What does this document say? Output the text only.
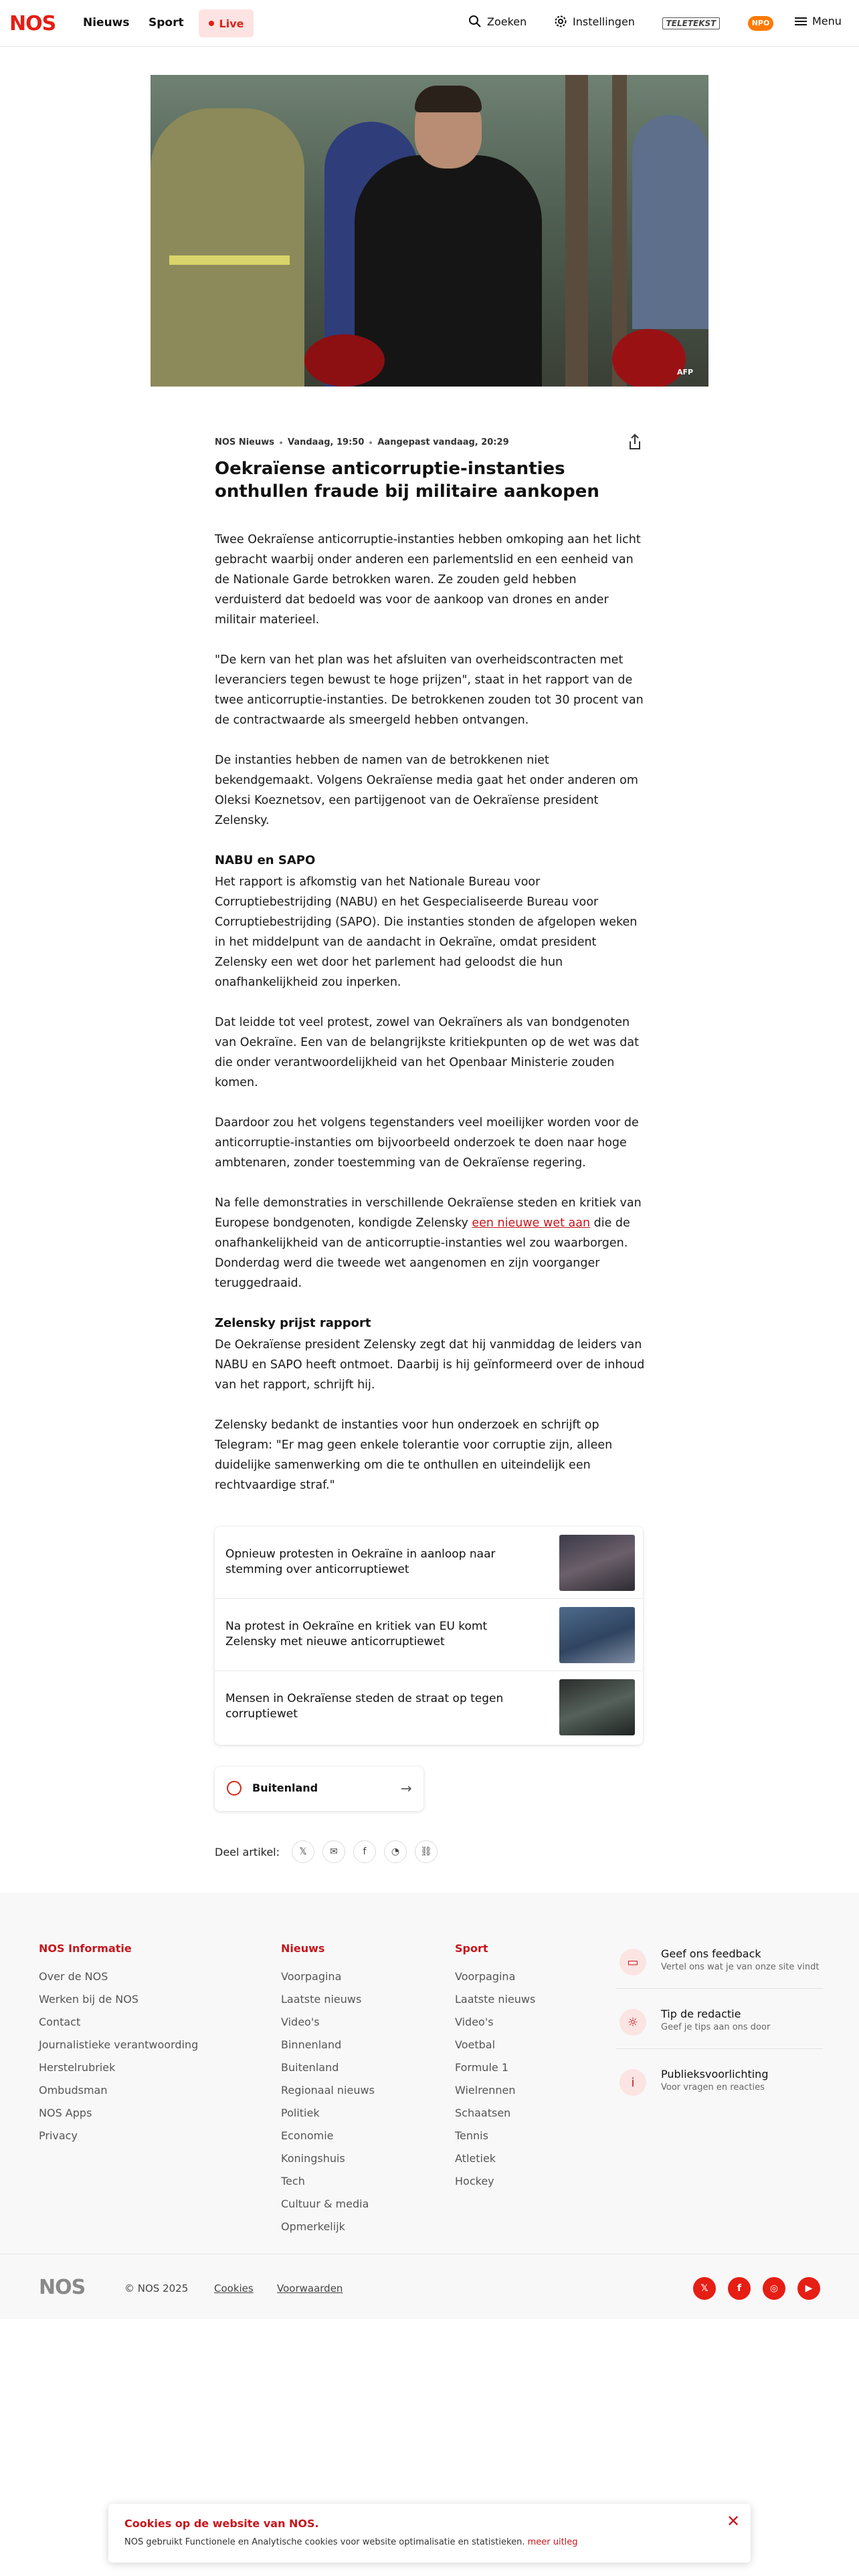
NOS Nieuws Sport	Live	Zoeken	Instellingen	TELETEKST	NPO	Menu
AFP
NOS Nieuws Vandaag, 19:50 Aangepast vandaag, 20:29
Oekraïense anticorruptie-instanties onthullen fraude bij militaire aankopen

Twee Oekraïense anticorruptie-instanties hebben omkoping aan het licht gebracht waarbij onder anderen een parlementslid en een eenheid van de Nationale Garde betrokken waren. Ze zouden geld hebben verduisterd dat bedoeld was voor de aankoop van drones en ander militair materieel.

"De kern van het plan was het afsluiten van overheidscontracten met leveranciers tegen bewust te hoge prijzen", staat in het rapport van de twee anticorruptie-instanties. De betrokkenen zouden tot 30 procent van de contractwaarde als smeergeld hebben ontvangen.

De instanties hebben de namen van de betrokkenen niet bekendgemaakt. Volgens Oekraïense media gaat het onder anderen om Oleksi Koeznetsov, een partijgenoot van de Oekraïense president Zelensky.

NABU en SAPO

Het rapport is afkomstig van het Nationale Bureau voor Corruptiebestrijding (NABU) en het Gespecialiseerde Bureau voor Corruptiebestrijding (SAPO). Die instanties stonden de afgelopen weken in het middelpunt van de aandacht in Oekraïne, omdat president Zelensky een wet door het parlement had geloodst die hun onafhankelijkheid zou inperken.

Dat leidde tot veel protest, zowel van Oekraïners als van bondgenoten van Oekraïne. Een van de belangrijkste kritiekpunten op de wet was dat die onder verantwoordelijkheid van het Openbaar Ministerie zouden komen.

Daardoor zou het volgens tegenstanders veel moeilijker worden voor de anticorruptie-instanties om bijvoorbeeld onderzoek te doen naar hoge ambtenaren, zonder toestemming van de Oekraïense regering.

Na felle demonstraties in verschillende Oekraïense steden en kritiek van Europese bondgenoten, kondigde Zelensky een nieuwe wet aan die de onafhankelijkheid van de anticorruptie-instanties wel zou waarborgen. Donderdag werd die tweede wet aangenomen en zijn voorganger teruggedraaid.

Zelensky prijst rapport

De Oekraïense president Zelensky zegt dat hij vanmiddag de leiders van NABU en SAPO heeft ontmoet. Daarbij is hij geïnformeerd over de inhoud van het rapport, schrijft hij.

Zelensky bedankt de instanties voor hun onderzoek en schrijft op Telegram: "Er mag geen enkele tolerantie voor corruptie zijn, alleen duidelijke samenwerking om die te onthullen en uiteindelijk een rechtvaardige straf."

Opnieuw protesten in Oekraïne in aanloop naar stemming over anticorruptiewet
Na protest in Oekraïne en kritiek van EU komt Zelensky met nieuwe anticorruptiewet
Mensen in Oekraïense steden de straat op tegen corruptiewet
Buitenland	→
Deel artikel:	𝕏	✉	f	◔	⛓
NOS Informatie
Over de NOS
Werken bij de NOS
Contact
Journalistieke verantwoording
Herstelrubriek
Ombudsman
NOS Apps
Privacy
Nieuws
Voorpagina
Laatste nieuws
Video's
Binnenland
Buitenland
Regionaal nieuws
Politiek
Economie
Koningshuis
Tech
Cultuur & media
Opmerkelijk
Sport
Voorpagina
Laatste nieuws
Video's
Voetbal
Formule 1
Wielrennen
Schaatsen
Tennis
Atletiek
Hockey
▭
Geef ons feedback
Vertel ons wat je van onze site vindt
☼
Tip de redactie
Geef je tips aan ons door
i
Publieksvoorlichting
Voor vragen en reacties
NOS	© NOS 2025	Cookies Voorwaarden	𝕏	f	◎	▶
Cookies op de website van NOS.
NOS gebruikt Functionele en Analytische cookies voor website optimalisatie en statistieken. meer uitleg
✕
